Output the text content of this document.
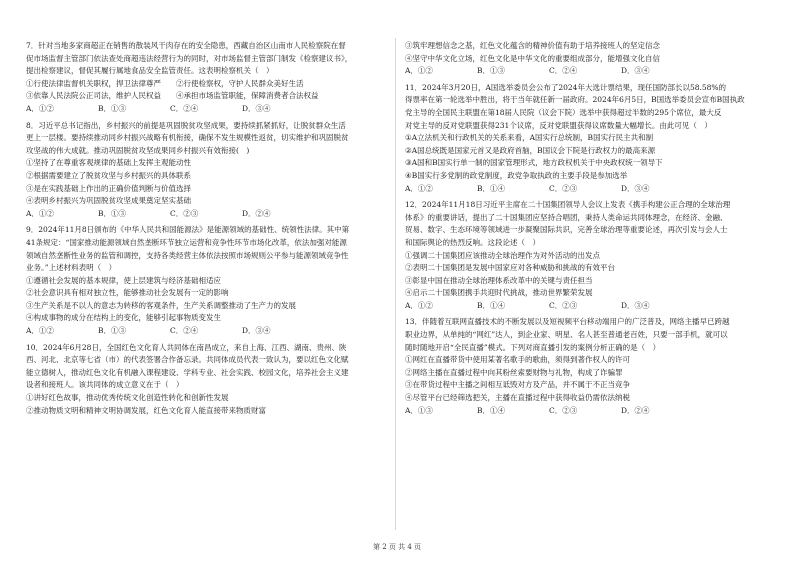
7．针对当地多家商超正在销售的散装风干肉存在的安全隐患，西藏自治区山南市人民检察院在督
促市场监督主管部门依法查处商超违法经营行为的同时，对市场监督主管部门制发《检察建议书》，
提出检察建议，督促其履行属地食品安全监管责任。这表明检察机关（　）
①行使法律监督机关职权，捍卫法律尊严　　②行使检察权，守护人民群众美好生活
③依靠人民法院公正司法，维护人民权益　　④承担市场监管职能，保障消费者合法权益
A．①②	B．①③	C．②④	D．③④
8．习近平总书记指出，乡村振兴的前提是巩固脱贫攻坚成果，要持续抓紧抓好，让脱贫群众生活
更上一层楼。要持续推动同乡村振兴战略有机衔接，确保不发生规模性返贫，切实维护和巩固脱贫
攻坚战的伟大成就。推动巩固脱贫攻坚成果同乡村振兴有效衔接(　)
①坚持了在尊重客观规律的基础上发挥主观能动性
②根据需要建立了脱贫攻坚与乡村振兴的具体联系
③是在实践基础上作出的正确价值判断与价值选择
④表明乡村振兴为巩固脱贫攻坚成果奠定坚实基础
A．①②	B．①③	C．②③	D．②④
9．2024年11月8日颁布的《中华人民共和国能源法》是能源领域的基础性、统领性法律。其中第
41条规定：“国家推动能源领域自然垄断环节独立运营和竞争性环节市场化改革，依法加强对能源
领域自然垄断性业务的监管和调控，支持各类经营主体依法按照市场规则公平参与能源领域竞争性
业务。”上述材料表明（　）
①遵循社会发展的基本规律，使上层建筑与经济基础相适应
②社会意识具有相对独立性，能够推动社会发展有一定的影响
③生产关系是不以人的意志为转移的客观条件，生产关系调整推动了生产力的发展
④构成事物的成分在结构上的变化，能够引起事物质变发生
A．①②	B．①③	C．②④	D．③④
10．2024年6月28日，全国红色文化育人共同体在南昌成立，来自上海、江西、湖南、贵州、陕
西、河北、北京等七省（市）的代表签署合作备忘录。共同体成员代表一致认为，要以红色文化赋
能立德树人，推动红色文化有机融入课程建设、学科专业、社会实践、校园文化，培养社会主义建
设者和接班人。该共同体的成立意义在于（　）
①讲好红色故事，推动优秀传统文化创造性转化和创新性发展
②推动物质文明和精神文明协调发展，红色文化育人能直接带来物质财富
③筑牢理想信念之基，红色文化蕴含的精神价值有助于培养接班人的坚定信念
④坚守中华文化立场，红色文化是中华文化的重要组成部分，能增强文化自信
A．①②	B．①③	C．②④	D．③④
11．2024年3月20日，A国选举委员会公布了2024年大选计票结果，现任国防部长以58.58%的
得票率在第一轮选举中胜出，将于当年就任新一届政府。2024年6月5日，B国选举委员会宣布B国执政
党主导的全国民主联盟在第18届人民院（议会下院）选举中获得超过半数的295个席位，最大反
对党主导的反对党联盟获得231个议席，反对党联盟获得议席数量大幅增长。由此可见（　）
①A立法机关和行政机关的关系来看，A国实行总统制，B国实行民主共和制
②A国总统既是国家元首又是政府首脑，B国议会下院是行政权力的最高来源
③A国和B国实行单一制的国家管理形式，地方政权机关于中央政权统一领导下
④B国实行多党制的政党制度，政党争取执政的主要手段是参加选举
A．①②	B．①④	C．②③	D．③④
12．2024年11月18日习近平主席在二十国集团领导人会议上发表《携手构建公正合理的全球治理
体系》的重要讲话，提出了二十国集团应坚持合唱团，秉持人类命运共同体理念，在经济、金融、
贸易、数字、生态环境等领域进一步凝聚国际共识，完善全球治理等重要论述，再次引发与会人士
和国际舆论的热烈反响。这段论述（　）
①强调二十国集团应该推动全球治理作为对外活动的出发点
②表明二十国集团是发展中国家应对各种威胁和挑战的有效平台
③彰显中国在推动全球治理体系改革中的关键与责任担当
④启示二十国集团携手共迎时代挑战，推动世界繁荣发展
A．①②	B．①④	C．②③	D．③④
13．伴随着互联网直播技术的不断发展以及短视频平台移动端用户的广泛普及，网络主播早已跨越
职业边界，从单纯的“网红”达人，到企业家、明星、名人甚至普通老百姓，只要一部手机，就可以
随时随地开启“全民直播”模式。下列对商直播引发的案例分析正确的是（　）
①网红在直播带货中使用某著名歌手的歌曲，须得到著作权人的许可
②网络主播在直播过程中向其粉丝索要财物与礼物，构成了诈骗罪
③在带货过程中主播之间相互诋毁对方及产品，并不属于不正当竞争
④尽管平台已经筛选把关，主播在直播过程中获得收益仍需依法纳税
A．①③	B．①④	C．②③	D．②④
第 2 页 共 4 页
